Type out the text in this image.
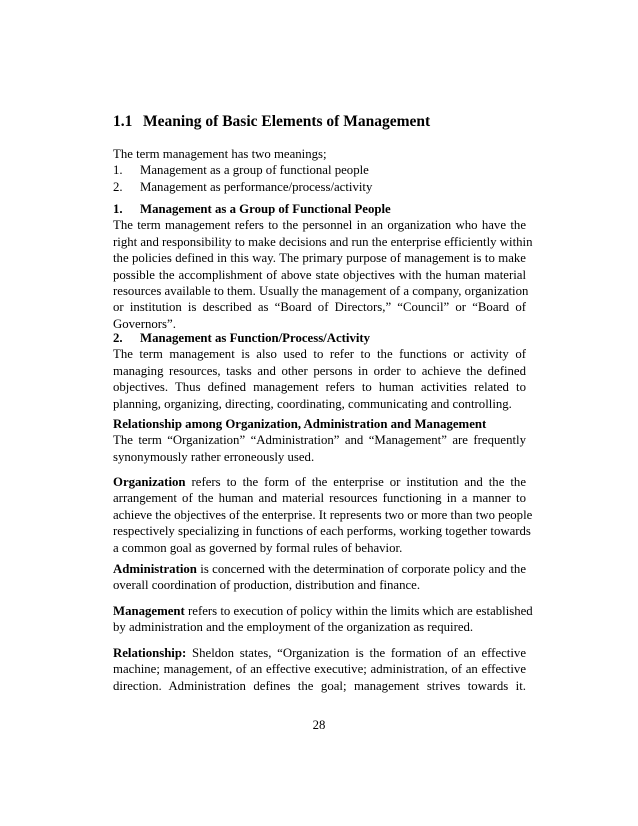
1.1 Meaning of Basic Elements of Management
The term management has two meanings;
1. Management as a group of functional people
2. Management as performance/process/activity
1. Management as a Group of Functional People
The term management refers to the personnel in an organization who have the
right and responsibility to make decisions and run the enterprise efficiently within
the policies defined in this way. The primary purpose of management is to make
possible the accomplishment of above state objectives with the human material
resources available to them. Usually the management of a company, organization
or institution is described as “Board of Directors,” “Council” or “Board of
Governors”.
2. Management as Function/Process/Activity
The term management is also used to refer to the functions or activity of
managing resources, tasks and other persons in order to achieve the defined
objectives. Thus defined management refers to human activities related to
planning, organizing, directing, coordinating, communicating and controlling.
Relationship among Organization, Administration and Management
The term “Organization” “Administration” and “Management” are frequently
synonymously rather erroneously used.
Organization refers to the form of the enterprise or institution and the the
arrangement of the human and material resources functioning in a manner to
achieve the objectives of the enterprise. It represents two or more than two people
respectively specializing in functions of each performs, working together towards
a common goal as governed by formal rules of behavior.
Administration is concerned with the determination of corporate policy and the
overall coordination of production, distribution and finance.
Management refers to execution of policy within the limits which are established
by administration and the employment of the organization as required.
Relationship: Sheldon states, “Organization is the formation of an effective
machine; management, of an effective executive; administration, of an effective
direction. Administration defines the goal; management strives towards it.
28
